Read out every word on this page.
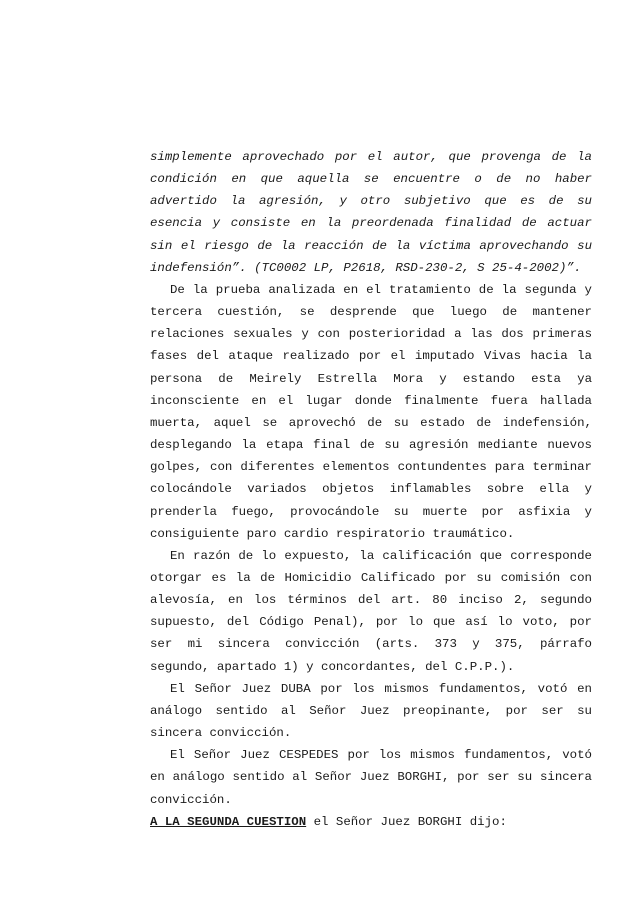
simplemente aprovechado por el autor, que provenga de la condición en que aquella se encuentre o de no haber advertido la agresión, y otro subjetivo que es de su esencia y consiste en la preordenada finalidad de actuar sin el riesgo de la reacción de la víctima aprovechando su indefensión”. (TC0002 LP, P2618, RSD-230-2, S 25-4-2002)”.

De la prueba analizada en el tratamiento de la segunda y tercera cuestión, se desprende que luego de mantener relaciones sexuales y con posterioridad a las dos primeras fases del ataque realizado por el imputado Vivas hacia la persona de Meirely Estrella Mora y estando esta ya inconsciente en el lugar donde finalmente fuera hallada muerta, aquel se aprovechó de su estado de indefensión, desplegando la etapa final de su agresión mediante nuevos golpes, con diferentes elementos contundentes para terminar colocándole variados objetos inflamables sobre ella y prenderla fuego, provocándole su muerte por asfixia y consiguiente paro cardio respiratorio traumático.

En razón de lo expuesto, la calificación que corresponde otorgar es la de Homicidio Calificado por su comisión con alevosía, en los términos del art. 80 inciso 2, segundo supuesto, del Código Penal), por lo que así lo voto, por ser mi sincera convicción (arts. 373 y 375, párrafo segundo, apartado 1) y concordantes, del C.P.P.).

El Señor Juez DUBA por los mismos fundamentos, votó en análogo sentido al Señor Juez preopinante, por ser su sincera convicción.

El Señor Juez CESPEDES por los mismos fundamentos, votó en análogo sentido al Señor Juez BORGHI, por ser su sincera convicción.

A LA SEGUNDA CUESTION el Señor Juez BORGHI dijo:
